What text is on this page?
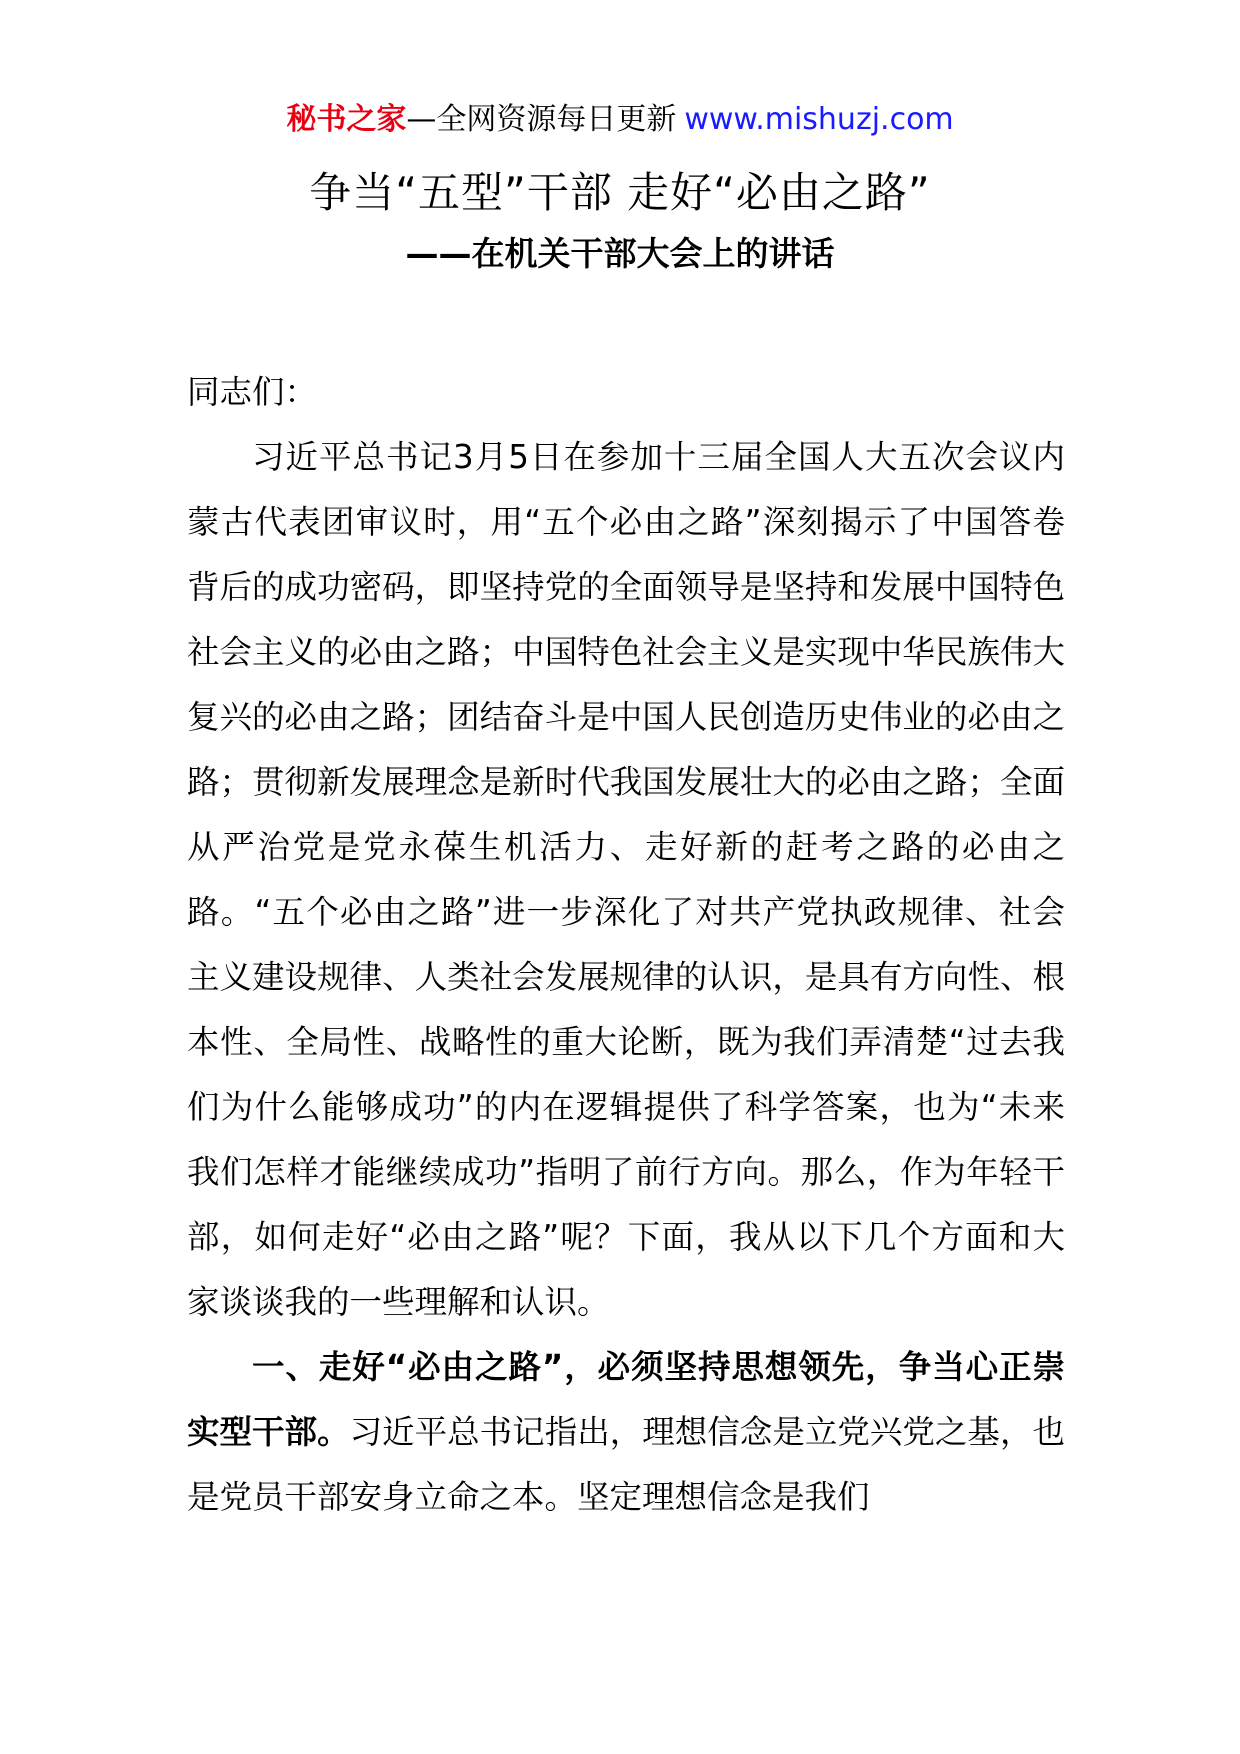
秘书之家—全网资源每日更新 www.mishuzj.com
争当“五型”干部 走好“必由之路”
——在机关干部大会上的讲话

同志们：

习近平总书记3月5日在参加十三届全国人大五次会议内蒙古代表团审议时，用“五个必由之路”深刻揭示了中国答卷背后的成功密码，即坚持党的全面领导是坚持和发展中国特色社会主义的必由之路；中国特色社会主义是实现中华民族伟大复兴的必由之路；团结奋斗是中国人民创造历史伟业的必由之路；贯彻新发展理念是新时代我国发展壮大的必由之路；全面从严治党是党永葆生机活力、走好新的赶考之路的必由之路。“五个必由之路”进一步深化了对共产党执政规律、社会主义建设规律、人类社会发展规律的认识，是具有方向性、根本性、全局性、战略性的重大论断，既为我们弄清楚“过去我们为什么能够成功”的内在逻辑提供了科学答案，也为“未来我们怎样才能继续成功”指明了前行方向。那么，作为年轻干部，如何走好“必由之路”呢？下面，我从以下几个方面和大家谈谈我的一些理解和认识。

一、走好“必由之路”，必须坚持思想领先，争当心正崇实型干部。习近平总书记指出，理想信念是立党兴党之基，也是党员干部安身立命之本。坚定理想信念是我们
